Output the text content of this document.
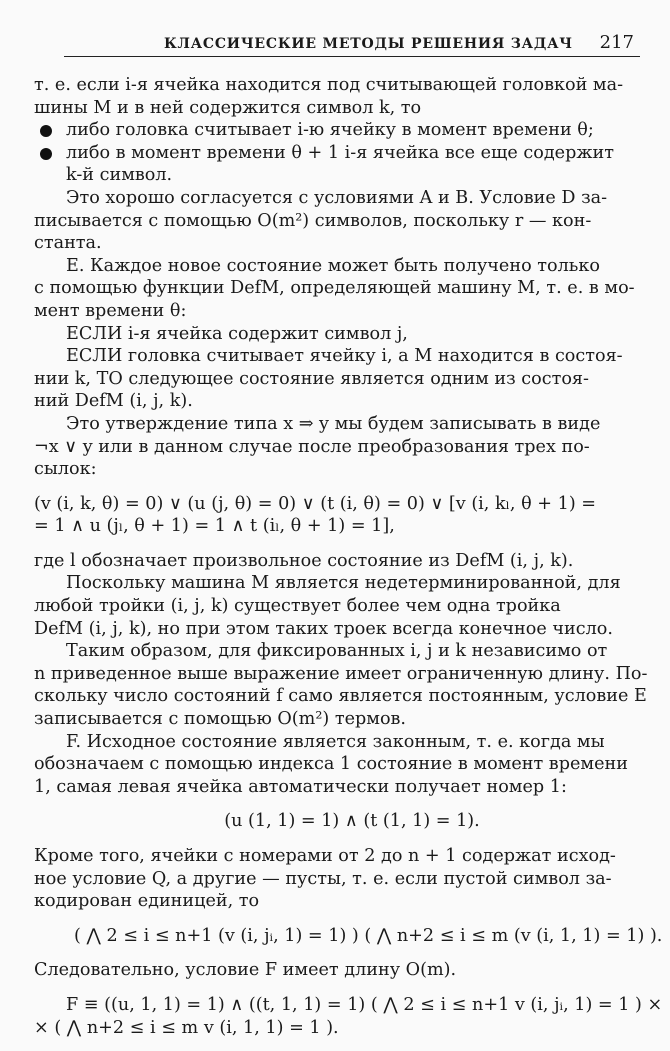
КЛАССИЧЕСКИЕ МЕТОДЫ РЕШЕНИЯ ЗАДАЧ 217
т. е. если i-я ячейка находится под считывающей головкой ма-
шины M и в ней содержится символ k, то
либо головка считывает i-ю ячейку в момент времени θ;
либо в момент времени θ + 1 i-я ячейка все еще содержит
k-й символ.
Это хорошо согласуется с условиями A и B. Условие D за-
писывается с помощью O(m²) символов, поскольку r — кон-
станта.
E. Каждое новое состояние может быть получено только
с помощью функции DefM, определяющей машину M, т. е. в мо-
мент времени θ:
ЕСЛИ i-я ячейка содержит символ j,
ЕСЛИ головка считывает ячейку i, а M находится в состоя-
нии k, ТО следующее состояние является одним из состоя-
ний DefM (i, j, k).
Это утверждение типа x ⇒ y мы будем записывать в виде
¬x ∨ y или в данном случае после преобразования трех по-
сылок:
(v (i, k, θ) = 0) ∨ (u (j, θ) = 0) ∨ (t (i, θ) = 0) ∨ [v (i, kₗ, θ + 1) =
= 1 ∧ u (jₗ, θ + 1) = 1 ∧ t (iₗ, θ + 1) = 1],
где l обозначает произвольное состояние из DefM (i, j, k).
Поскольку машина M является недетерминированной, для
любой тройки (i, j, k) существует более чем одна тройка
DefM (i, j, k), но при этом таких троек всегда конечное число.
Таким образом, для фиксированных i, j и k независимо от
n приведенное выше выражение имеет ограниченную длину. По-
скольку число состояний f само является постоянным, условие E
записывается с помощью O(m²) термов.
F. Исходное состояние является законным, т. е. когда мы
обозначаем с помощью индекса 1 состояние в момент времени
1, самая левая ячейка автоматически получает номер 1:
(u (1, 1) = 1) ∧ (t (1, 1) = 1).
Кроме того, ячейки с номерами от 2 до n + 1 содержат исход-
ное условие Q, а другие — пусты, т. е. если пустой символ за-
кодирован единицей, то
( ⋀ 2 ≤ i ≤ n+1 (v (i, jᵢ, 1) = 1) ) ( ⋀ n+2 ≤ i ≤ m (v (i, 1, 1) = 1) ).
Следовательно, условие F имеет длину O(m).
F ≡ ((u, 1, 1) = 1) ∧ ((t, 1, 1) = 1) ( ⋀ 2 ≤ i ≤ n+1 v (i, jᵢ, 1) = 1 ) ×
× ( ⋀ n+2 ≤ i ≤ m v (i, 1, 1) = 1 ).
